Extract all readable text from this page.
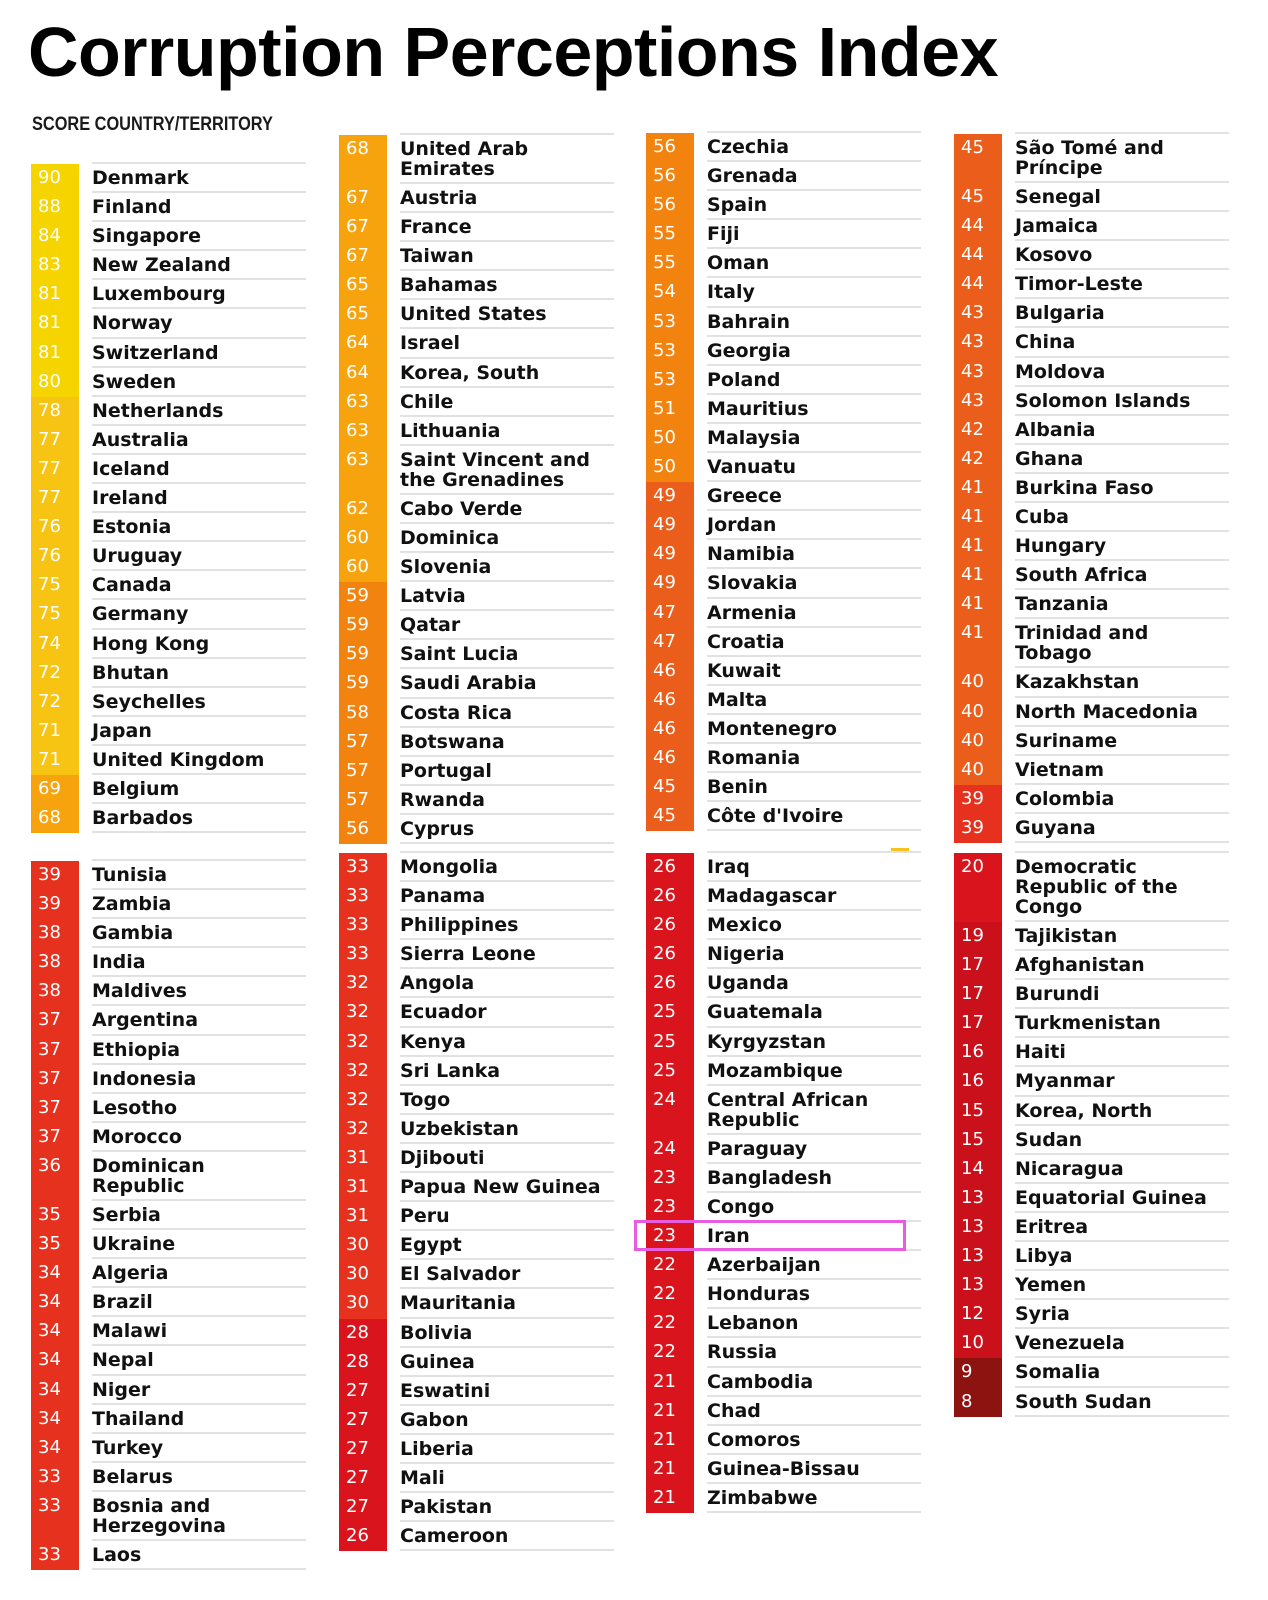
Corruption Perceptions Index
SCORE COUNTRY/TERRITORY
90	Denmark
88	Finland
84	Singapore
83	New Zealand
81	Luxembourg
81	Norway
81	Switzerland
80	Sweden
78	Netherlands
77	Australia
77	Iceland
77	Ireland
76	Estonia
76	Uruguay
75	Canada
75	Germany
74	Hong Kong
72	Bhutan
72	Seychelles
71	Japan
71	United Kingdom
69	Belgium
68	Barbados
68	United Arab Emirates
67	Austria
67	France
67	Taiwan
65	Bahamas
65	United States
64	Israel
64	Korea, South
63	Chile
63	Lithuania
63	Saint Vincent and the Grenadines
62	Cabo Verde
60	Dominica
60	Slovenia
59	Latvia
59	Qatar
59	Saint Lucia
59	Saudi Arabia
58	Costa Rica
57	Botswana
57	Portugal
57	Rwanda
56	Cyprus
56	Czechia
56	Grenada
56	Spain
55	Fiji
55	Oman
54	Italy
53	Bahrain
53	Georgia
53	Poland
51	Mauritius
50	Malaysia
50	Vanuatu
49	Greece
49	Jordan
49	Namibia
49	Slovakia
47	Armenia
47	Croatia
46	Kuwait
46	Malta
46	Montenegro
46	Romania
45	Benin
45	Côte d'Ivoire
45	São Tomé and Príncipe
45	Senegal
44	Jamaica
44	Kosovo
44	Timor-Leste
43	Bulgaria
43	China
43	Moldova
43	Solomon Islands
42	Albania
42	Ghana
41	Burkina Faso
41	Cuba
41	Hungary
41	South Africa
41	Tanzania
41	Trinidad and Tobago
40	Kazakhstan
40	North Macedonia
40	Suriname
40	Vietnam
39	Colombia
39	Guyana
39	Tunisia
39	Zambia
38	Gambia
38	India
38	Maldives
37	Argentina
37	Ethiopia
37	Indonesia
37	Lesotho
37	Morocco
36	Dominican Republic
35	Serbia
35	Ukraine
34	Algeria
34	Brazil
34	Malawi
34	Nepal
34	Niger
34	Thailand
34	Turkey
33	Belarus
33	Bosnia and Herzegovina
33	Laos
33	Mongolia
33	Panama
33	Philippines
33	Sierra Leone
32	Angola
32	Ecuador
32	Kenya
32	Sri Lanka
32	Togo
32	Uzbekistan
31	Djibouti
31	Papua New Guinea
31	Peru
30	Egypt
30	El Salvador
30	Mauritania
28	Bolivia
28	Guinea
27	Eswatini
27	Gabon
27	Liberia
27	Mali
27	Pakistan
26	Cameroon
26	Iraq
26	Madagascar
26	Mexico
26	Nigeria
26	Uganda
25	Guatemala
25	Kyrgyzstan
25	Mozambique
24	Central African Republic
24	Paraguay
23	Bangladesh
23	Congo
23	Iran
22	Azerbaijan
22	Honduras
22	Lebanon
22	Russia
21	Cambodia
21	Chad
21	Comoros
21	Guinea-Bissau
21	Zimbabwe
20	Democratic Republic of the Congo
19	Tajikistan
17	Afghanistan
17	Burundi
17	Turkmenistan
16	Haiti
16	Myanmar
15	Korea, North
15	Sudan
14	Nicaragua
13	Equatorial Guinea
13	Eritrea
13	Libya
13	Yemen
12	Syria
10	Venezuela
9	Somalia
8	South Sudan
